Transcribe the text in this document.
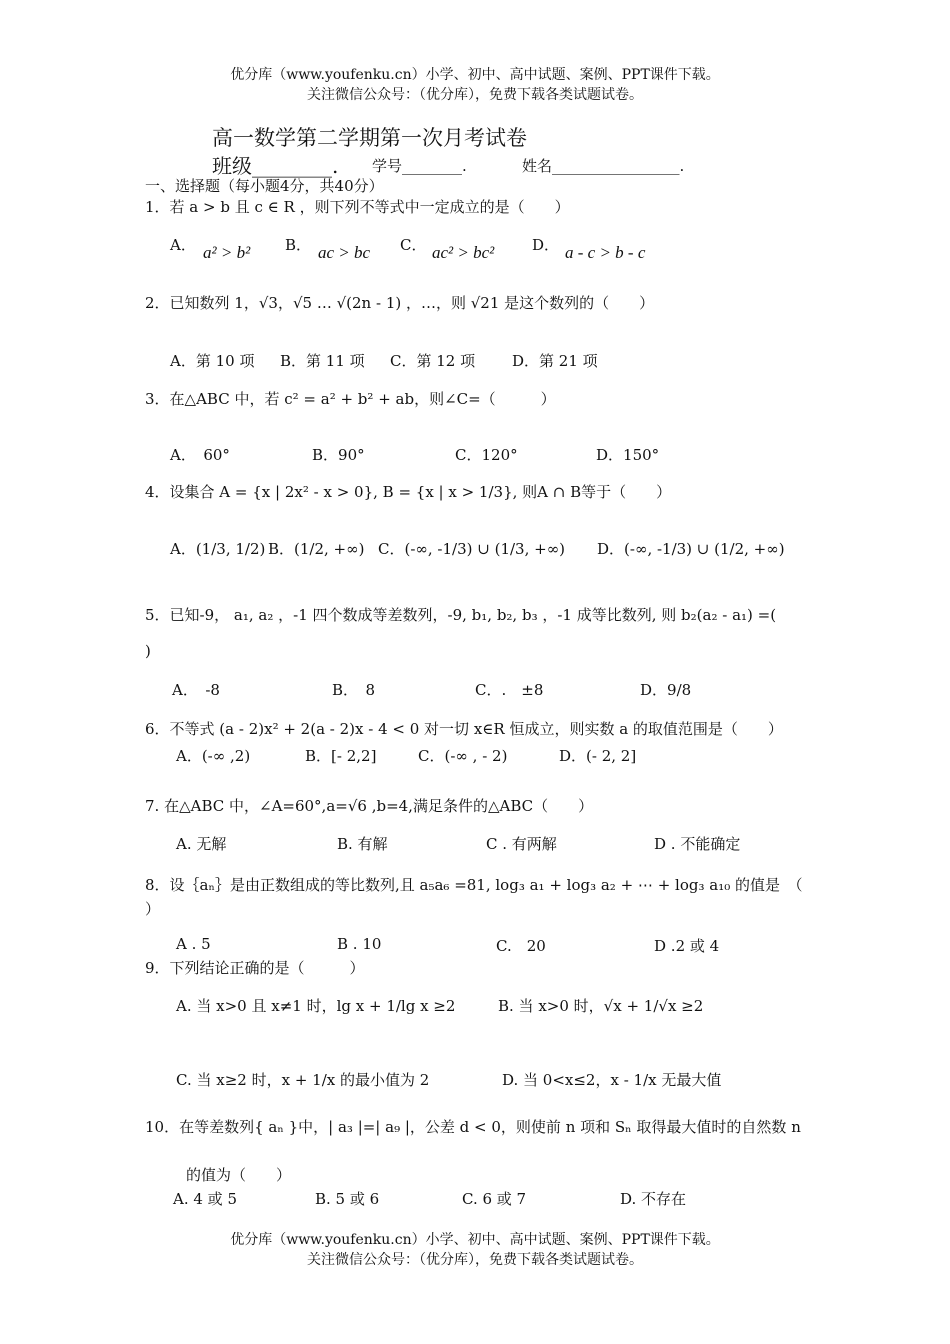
优分库（www.youfenku.cn）小学、初中、高中试题、案例、PPT课件下载。
关注微信公众号：（优分库），免费下载各类试题试卷。
高一数学第二学期第一次月考试卷
班级________. 学号________.	姓名_________________.
一、选择题（每小题4分，共40分）
1．若 a > b 且 c ∈ R ，则下列不等式中一定成立的是（　　）
A． a² > b² B． ac > bc C． ac² > bc²	D． a - c > b - c
2．已知数列 1，√3，√5 … √(2n - 1) ，…，则 √21 是这个数列的（　　）
A．第 10 项 B．第 11 项 C．第 12 项 D．第 21 项
3．在△ABC 中，若 c² = a² + b² + ab，则∠C=（　　　）
A．　60°	B．90°	C．120°	D．150°
4．设集合 A = {x | 2x² - x > 0}, B = {x | x > 1/3}, 则A ∩ B等于（　　）
A．(1/3, 1/2) B．(1/2, +∞) C．(-∞, -1/3) ∪ (1/3, +∞) D．(-∞, -1/3) ∪ (1/2, +∞)
5．已知-9， a₁, a₂ ，-1 四个数成等差数列，-9, b₁, b₂, b₃ ，-1 成等比数列, 则 b₂(a₂ - a₁) =(
)
A．　-8	B．　8	C．.　±8	D．9/8
6．不等式 (a - 2)x² + 2(a - 2)x - 4 < 0 对一切 x∈R 恒成立，则实数 a 的取值范围是（　　）
A．(-∞ ,2)	B．[- 2,2]	C．(-∞ , - 2)	D．(- 2, 2]
7. 在△ABC 中，∠A=60°,a=√6 ,b=4,满足条件的△ABC（　　）
A. 无解	B. 有解	C . 有两解	D . 不能确定
8．设｛aₙ｝是由正数组成的等比数列,且 a₅a₆ =81, log₃ a₁ + log₃ a₂ + ⋯ + log₃ a₁₀ 的值是　（
）
A . 5	B . 10	C.　20	D .2 或 4
9．下列结论正确的是（　　　）
A. 当 x>0 且 x≠1 时，lg x + 1/lg x ≥2	B. 当 x>0 时，√x + 1/√x ≥2
C. 当 x≥2 时，x + 1/x 的最小值为 2	D. 当 0<x≤2，x - 1/x 无最大值
10．在等差数列{ aₙ }中，| a₃ |=| a₉ |，公差 d < 0，则使前 n 项和 Sₙ 取得最大值时的自然数 n
的值为（　　）
A. 4 或 5	B. 5 或 6	C. 6 或 7	D. 不存在
优分库（www.youfenku.cn）小学、初中、高中试题、案例、PPT课件下载。
关注微信公众号：（优分库），免费下载各类试题试卷。
